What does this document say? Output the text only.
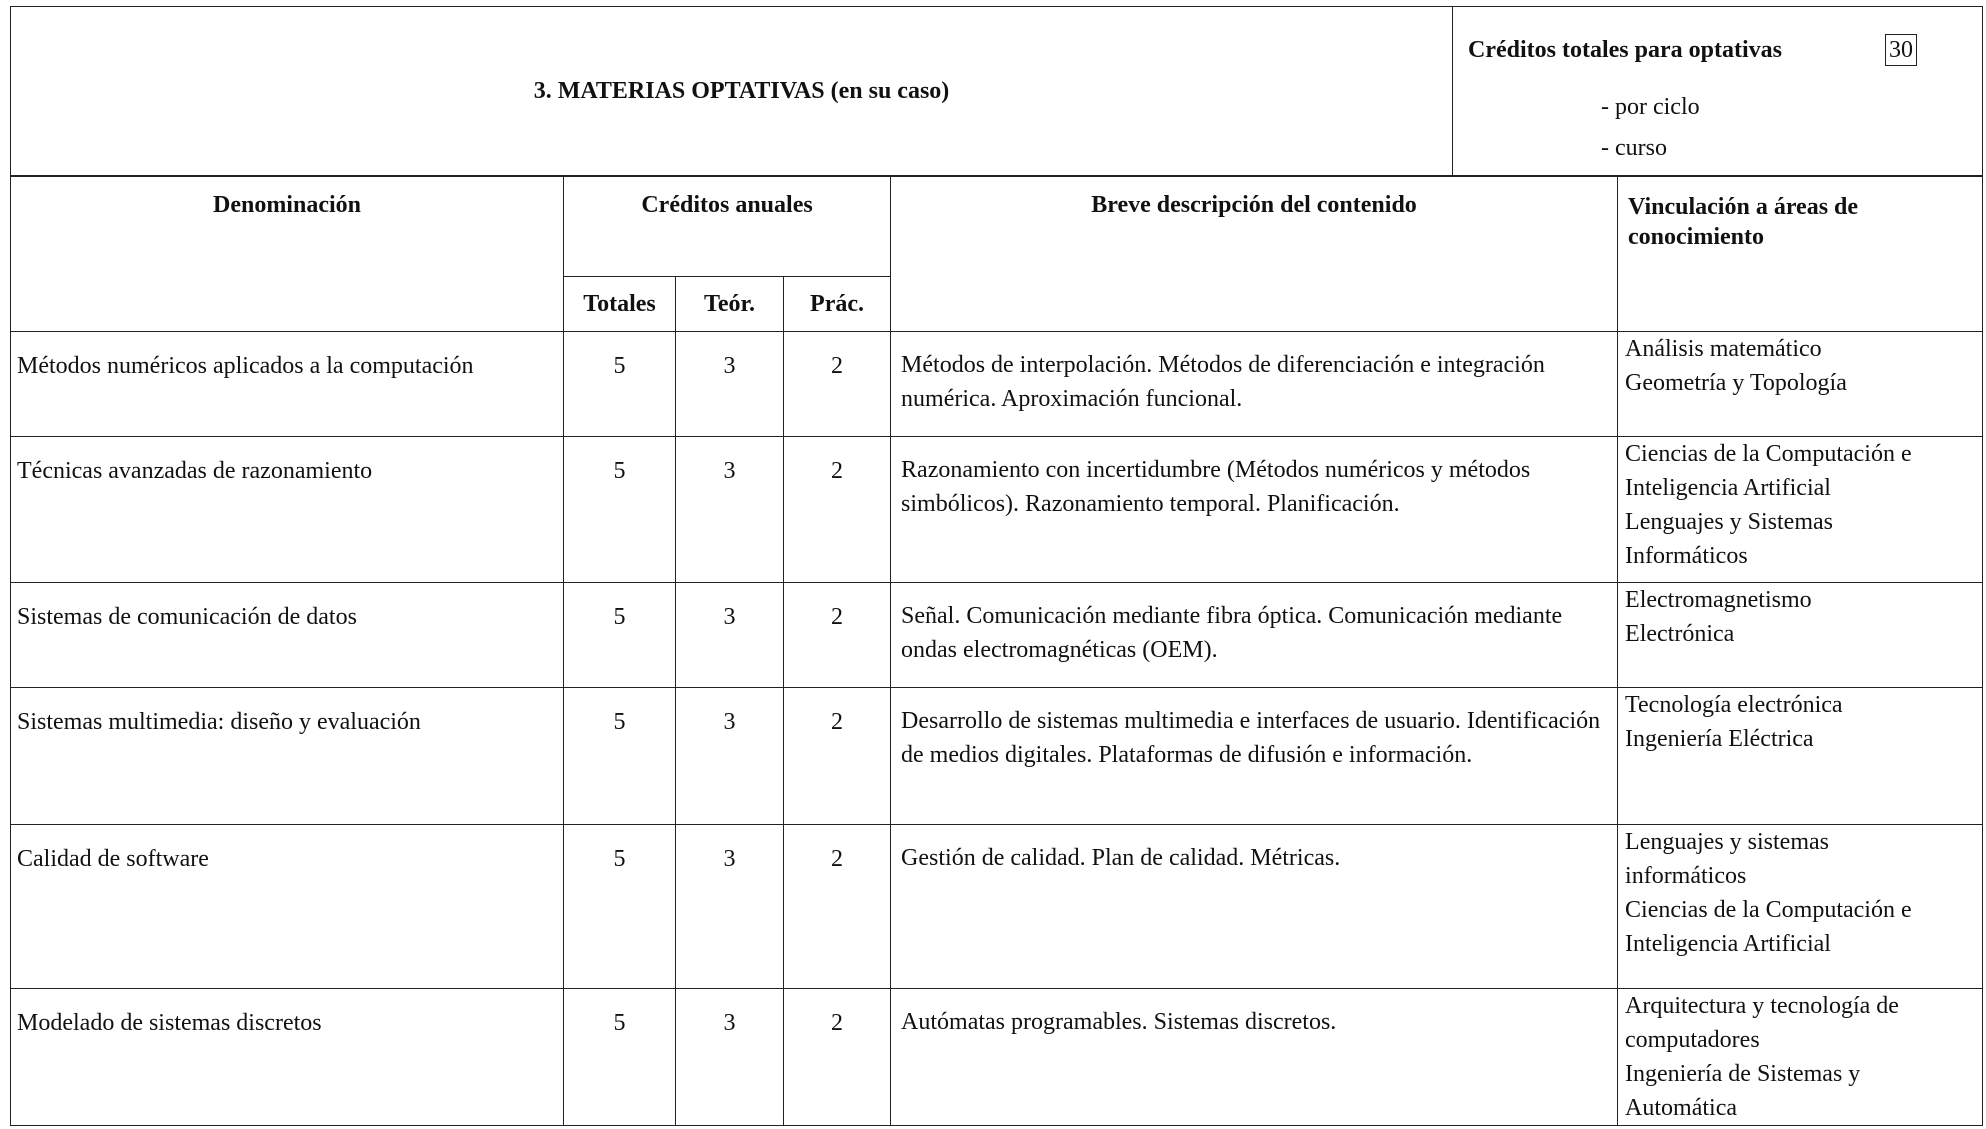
3. MATERIAS OPTATIVAS (en su caso)	
Créditos totales para optativas	30
- por ciclo
- curso
Denominación	Créditos anuales			Breve descripción del contenido	Vinculación a áreas de conocimiento
	Totales	Teór.	Prác.		
Métodos numéricos aplicados a la computación	5	3	2	Métodos de interpolación. Métodos de diferenciación e integración numérica. Aproximación funcional.	Análisis matemático
Geometría y Topología

Técnicas avanzadas de razonamiento	5	3	2	Razonamiento con incertidumbre (Métodos numéricos y métodos simbólicos). Razonamiento temporal. Planificación.	Ciencias de la Computación e
Inteligencia Artificial
Lenguajes y Sistemas
Informáticos

Sistemas de comunicación de datos	5	3	2	Señal. Comunicación mediante fibra óptica. Comunicación mediante ondas electromagnéticas (OEM).	Electromagnetismo
Electrónica

Sistemas multimedia: diseño y evaluación	5	3	2	Desarrollo de sistemas multimedia e interfaces de usuario. Identificación de medios digitales. Plataformas de difusión e información.	Tecnología electrónica
Ingeniería Eléctrica

Calidad de software	5	3	2	Gestión de calidad. Plan de calidad. Métricas.	Lenguajes y sistemas
informáticos
Ciencias de la Computación e
Inteligencia Artificial

Modelado de sistemas discretos	5	3	2	Autómatas programables. Sistemas discretos.	Arquitectura y tecnología de
computadores
Ingeniería de Sistemas y
Automática
